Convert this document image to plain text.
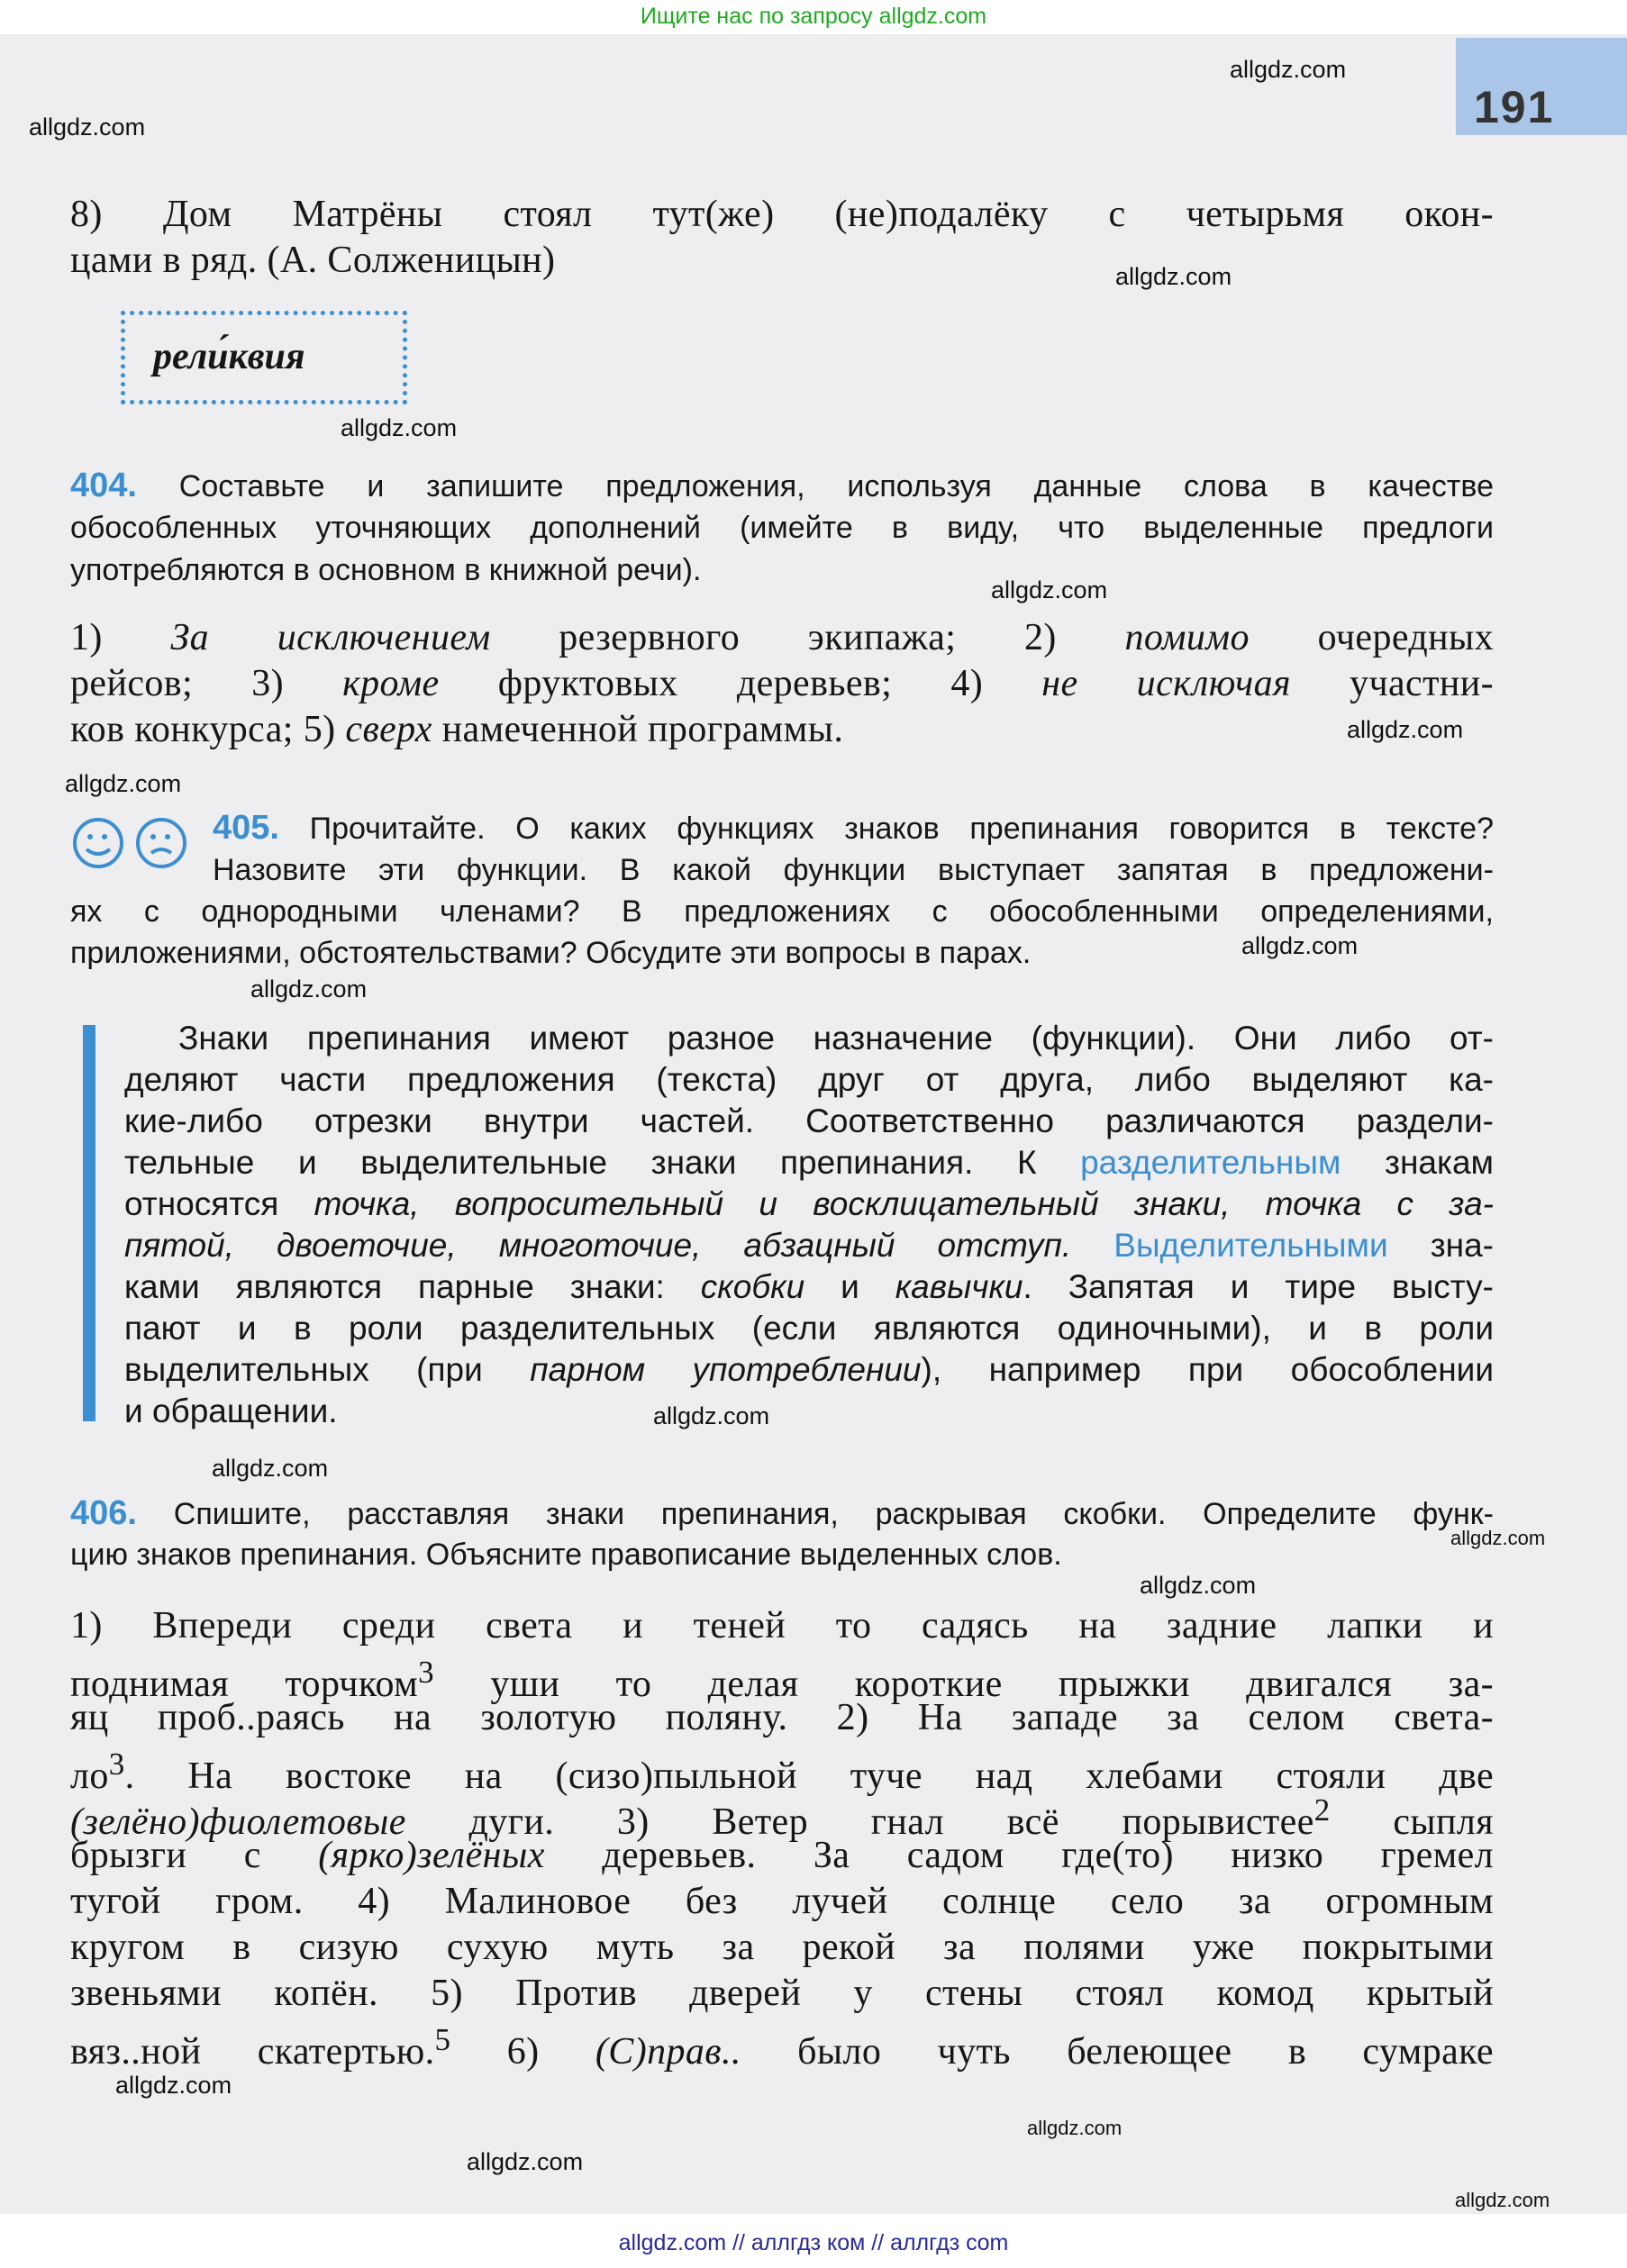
Ищите нас по запросу allgdz.com
191
allgdz.com
allgdz.com
allgdz.com
allgdz.com
allgdz.com
allgdz.com
allgdz.com
allgdz.com
allgdz.com
allgdz.com
allgdz.com
allgdz.com
allgdz.com
allgdz.com
allgdz.com
allgdz.com
allgdz.com
8) Дом Матрёны стоял тут(же) (не)подалёку с четырьмя окон-
цами в ряд. (А. Солженицын)
рели́квия
404. Составьте и запишите предложения, используя данные слова в качестве
обособленных уточняющих дополнений (имейте в виду, что выделенные предлоги
употребляются в основном в книжной речи).
1) За исключением резервного экипажа; 2) помимо очередных
рейсов; 3) кроме фруктовых деревьев; 4) не исключая участни-
ков конкурса; 5) сверх намеченной программы.
405. Прочитайте. О каких функциях знаков препинания говорится в тексте?
Назовите эти функции. В какой функции выступает запятая в предложени-
ях с однородными членами? В предложениях с обособленными определениями,
приложениями, обстоятельствами? Обсудите эти вопросы в парах.
Знаки препинания имеют разное назначение (функции). Они либо от-
деляют части предложения (текста) друг от друга, либо выделяют ка-
кие-либо отрезки внутри частей. Соответственно различаются раздели-
тельные и выделительные знаки препинания. К разделительным знакам
относятся точка, вопросительный и восклицательный знаки, точка с за-
пятой, двоеточие, многоточие, абзацный отступ. Выделительными зна-
ками являются парные знаки: скобки и кавычки. Запятая и тире высту-
пают и в роли разделительных (если являются одиночными), и в роли
выделительных (при парном употреблении), например при обособлении
и обращении.
406. Спишите, расставляя знаки препинания, раскрывая скобки. Определите функ-
цию знаков препинания. Объясните правописание выделенных слов.
1) Впереди среди света и теней то садясь на задние лапки и
поднимая торчком$^3$ уши то делая короткие прыжки двигался за-
яц проб..раясь на золотую поляну. 2) На западе за селом света-
$ло^3$. На востоке на (сизо)пыльной туче над хлебами стояли две
(зелёно)фиолетовые дуги. 3) Ветер гнал всё порывистее$^2$ сыпля
брызги с (ярко)зелёных деревьев. За садом где(то) низко гремел
тугой гром. 4) Малиновое без лучей солнце село за огромным
кругом в сизую сухую муть за рекой за полями уже покрытыми
звеньями копён. 5) Против дверей у стены стоял комод крытый
вяз..ной скатертью.$^5$ 6) (С)прав.. было чуть белеющее в сумраке
allgdz.com // аллгдз ком // аллгдз сom
